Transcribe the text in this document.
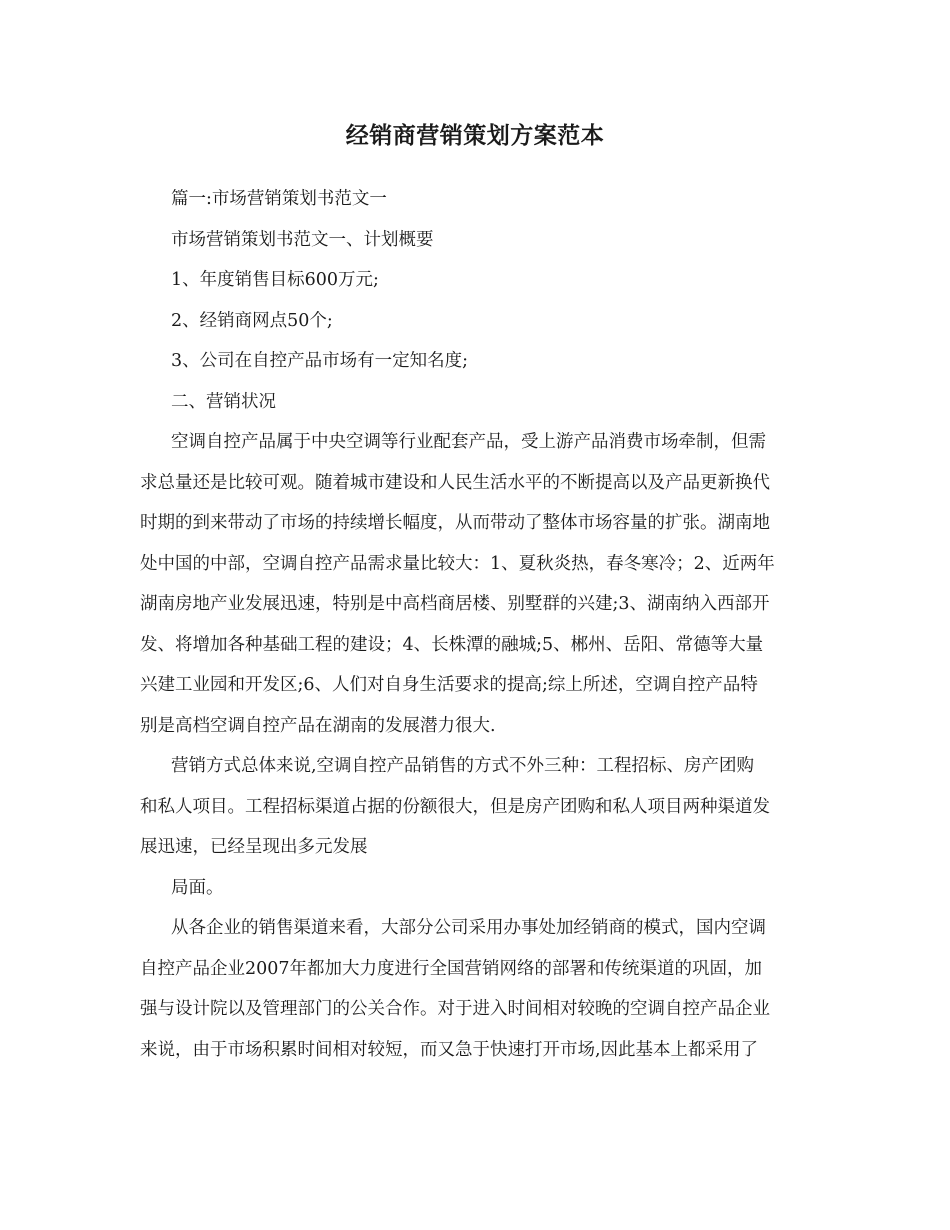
经销商营销策划方案范本
篇一:市场营销策划书范文一
市场营销策划书范文一、计划概要
1、年度销售目标600万元;
2、经销商网点50个;
3、公司在自控产品市场有一定知名度;
二、营销状况
空调自控产品属于中央空调等行业配套产品，受上游产品消费市场牵制，但需
求总量还是比较可观。随着城市建设和人民生活水平的不断提高以及产品更新换代
时期的到来带动了市场的持续增长幅度，从而带动了整体市场容量的扩张。湖南地
处中国的中部，空调自控产品需求量比较大：1、夏秋炎热，春冬寒冷；2、近两年
湖南房地产业发展迅速，特别是中高档商居楼、别墅群的兴建;3、湖南纳入西部开
发、将增加各种基础工程的建设；4、长株潭的融城;5、郴州、岳阳、常德等大量
兴建工业园和开发区;6、人们对自身生活要求的提高;综上所述，空调自控产品特
别是高档空调自控产品在湖南的发展潜力很大.
营销方式总体来说,空调自控产品销售的方式不外三种：工程招标、房产团购
和私人项目。工程招标渠道占据的份额很大，但是房产团购和私人项目两种渠道发
展迅速，已经呈现出多元发展
局面。
从各企业的销售渠道来看，大部分公司采用办事处加经销商的模式，国内空调
自控产品企业2007年都加大力度进行全国营销网络的部署和传统渠道的巩固，加
强与设计院以及管理部门的公关合作。对于进入时间相对较晚的空调自控产品企业
来说，由于市场积累时间相对较短，而又急于快速打开市场,因此基本上都采用了
